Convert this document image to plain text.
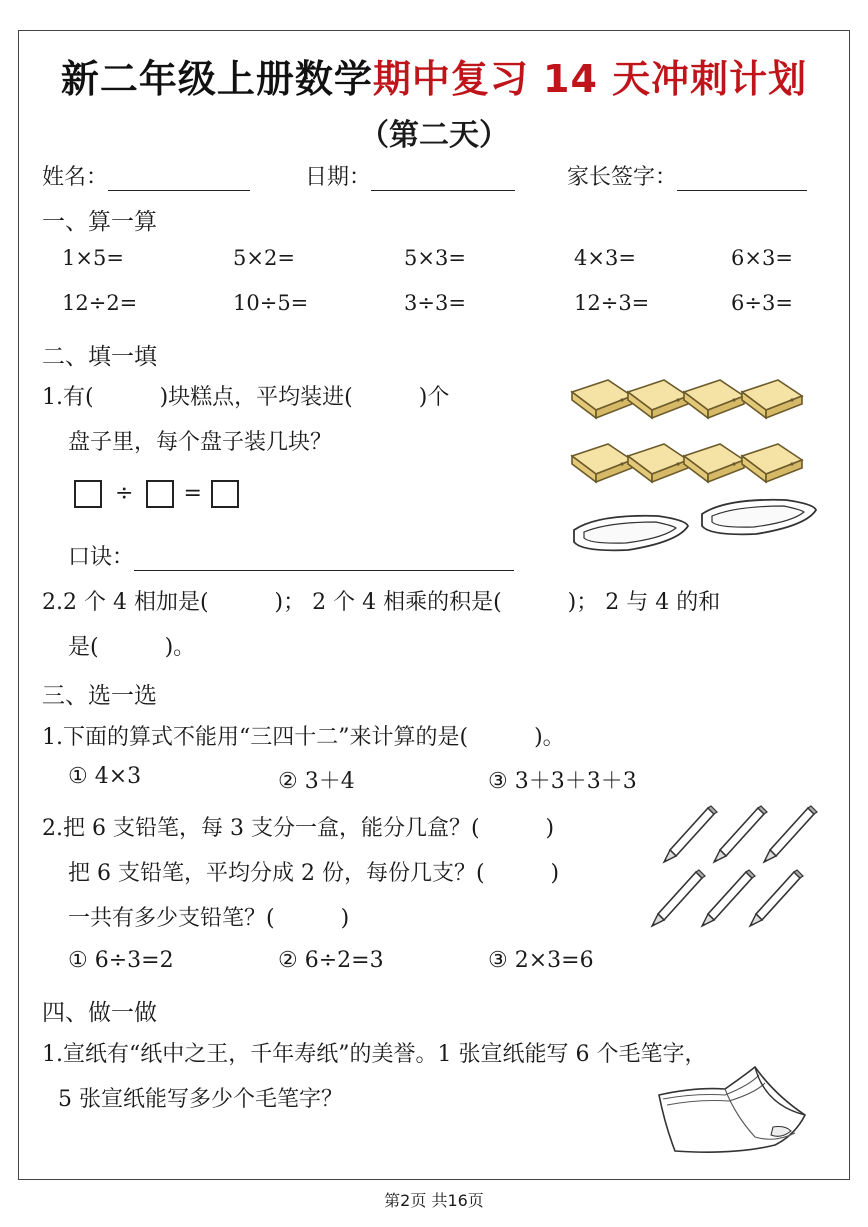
新二年级上册数学期中复习 14 天冲刺计划
（第二天）
姓名：	日期：	家长签字：
一、算一算
1×5=	5×2=	5×3=	4×3=	6×3=
12÷2=	10÷5=	3÷3=	12÷3=	6÷3=
二、填一填
1.有(　　　)块糕点，平均装进(　　　)个
盘子里，每个盘子装几块？
÷ =
口诀：
2.2 个 4 相加是(　　　)； 2 个 4 相乘的积是(　　　)； 2 与 4 的和
是(　　　)。
三、选一选
1.下面的算式不能用“三四十二”来计算的是(　　　)。
① 4×3	② 3＋4	③ 3＋3＋3＋3
2.把 6 支铅笔，每 3 支分一盒，能分几盒？(　　　)
把 6 支铅笔，平均分成 2 份，每份几支？(　　　)
一共有多少支铅笔？(　　　)
① 6÷3=2	② 6÷2=3	③ 2×3=6
四、做一做
1.宣纸有“纸中之王，千年寿纸”的美誉。1 张宣纸能写 6 个毛笔字，
5 张宣纸能写多少个毛笔字？
第2页 共16页
